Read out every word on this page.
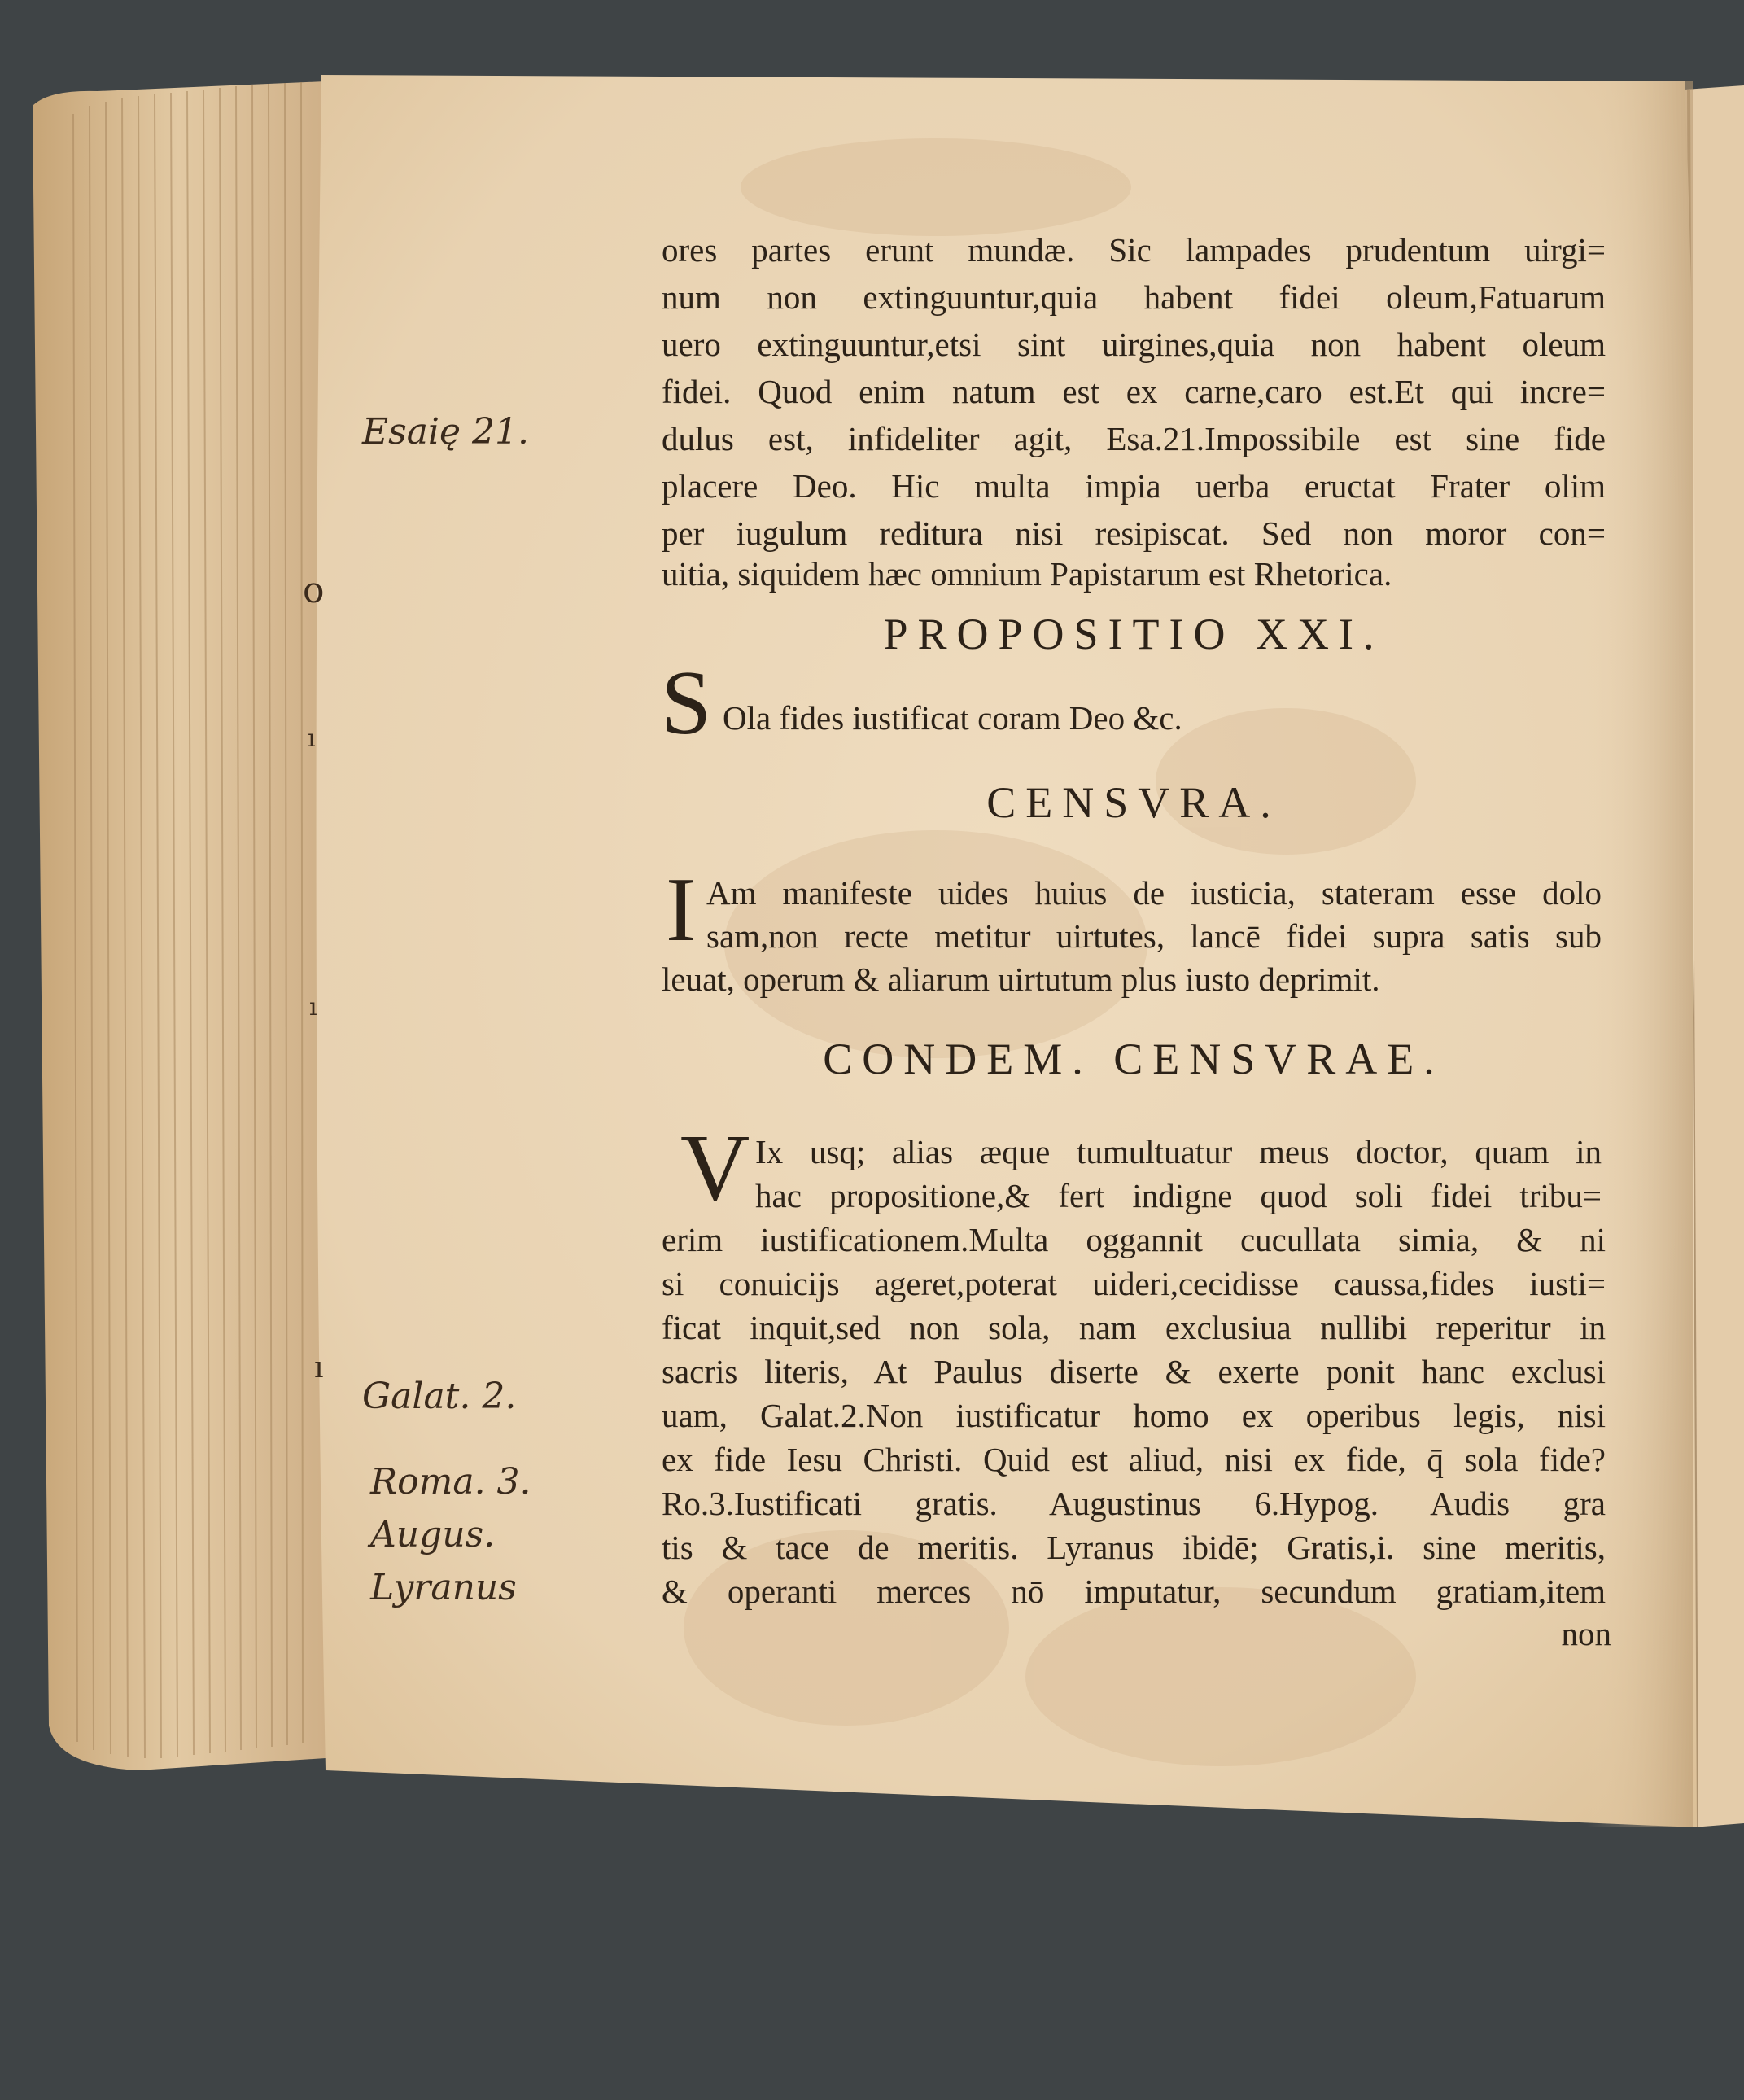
ores partes erunt mundæ. Sic lampades prudentum uirgi=

num non extinguuntur,quia habent fidei oleum,Fatuarum

uero extinguuntur,etsi sint uirgines,quia non habent oleum

fidei. Quod enim natum est ex carne,caro est.Et qui incre=

dulus est, infideliter agit, Esa.21.Impossibile est sine fide

placere Deo. Hic multa impia uerba eructat Frater olim

per iugulum reditura nisi resipiscat. Sed non moror con=

uitia, siquidem hæc omnium Papistarum est Rhetorica.

PROPOSITIO XXI.

S Ola fides iustificat coram Deo &c.

CENSVRA.

I Am manifeste uides huius de iusticia, stateram esse dolo

sam,non recte metitur uirtutes, lancē fidei supra satis sub

leuat, operum & aliarum uirtutum plus iusto deprimit.

CONDEM. CENSVRAE.

V Ix usq; alias æque tumultuatur meus doctor, quam in

hac propositione,& fert indigne quod soli fidei tribu=

erim iustificationem.Multa oggannit cucullata simia, & ni

si conuicijs ageret,poterat uideri,cecidisse caussa,fides iusti=

ficat inquit,sed non sola, nam exclusiua nullibi reperitur in

sacris literis, At Paulus diserte & exerte ponit hanc exclusi

uam, Galat.2.Non iustificatur homo ex operibus legis, nisi

ex fide Iesu Christi. Quid est aliud, nisi ex fide, q̄ sola fide?

Ro.3.Iustificati gratis. Augustinus 6.Hypog. Audis gra

tis & tace de meritis. Lyranus ibidē; Gratis,i. sine meritis,

& operanti merces nō imputatur, secundum gratiam,item

non

Esaię 21.
Galat. 2.
Roma. 3.
Augus.
Lyranus
o
ı
ı
ı
